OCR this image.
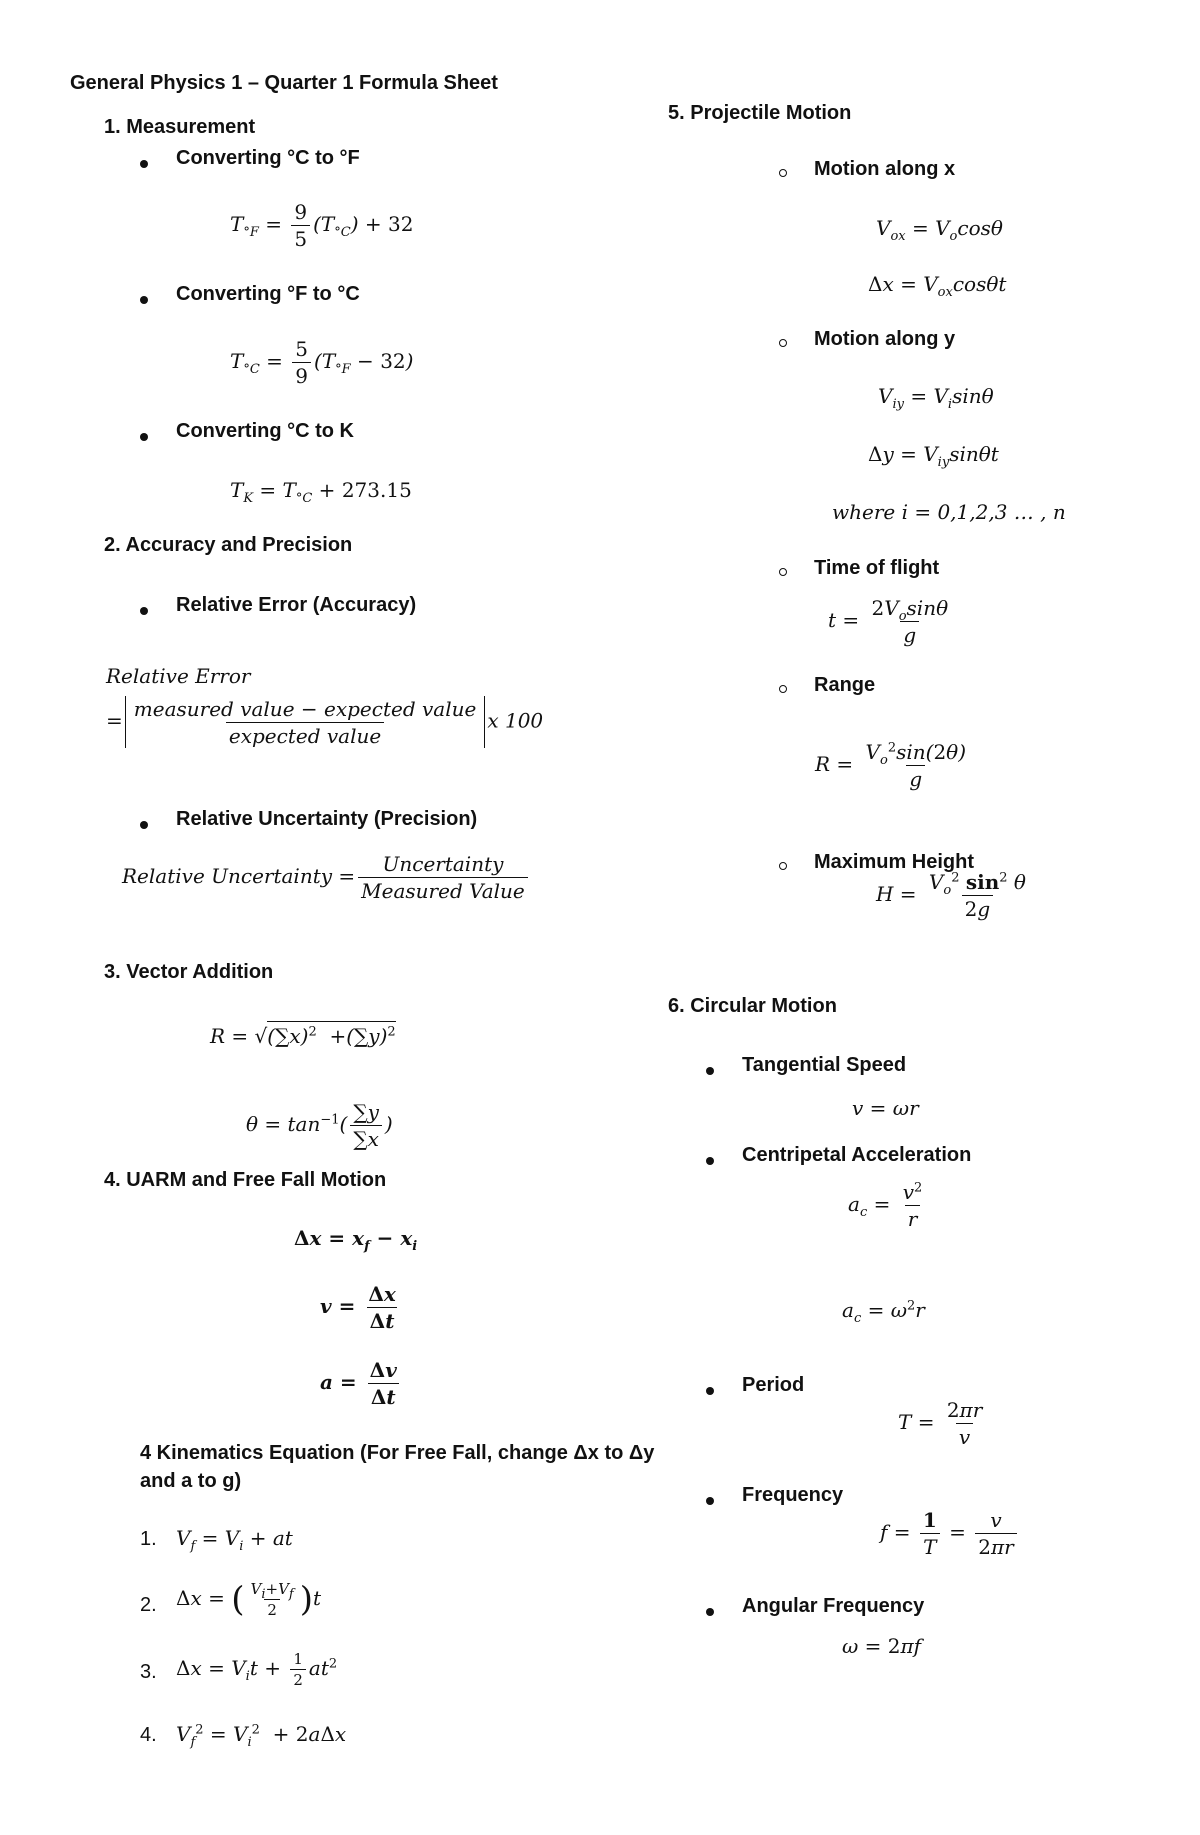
General Physics 1 – Quarter 1 Formula Sheet
1. Measurement
Converting °C to °F
$T_{^\circ F} = \frac{9}{5} (T_{^\circ C}) + 32$
Converting °F to °C
$T_{^\circ C} = \frac{5}{9} (T_{^\circ F} - 32)$
Converting °C to K
$T_K = T_{^\circ C} + 273.15$
2. Accuracy and Precision
Relative Error (Accuracy)
Relative Error
= $\frac{\text{measured value − expected value}}{\text{expected value}}$ x 100
Relative Uncertainty (Precision)
Relative Uncertainty = $\frac{\text{Uncertainty}}{\text{Measured Value}}$
3. Vector Addition
$R = √(\sum x)^2 +(\sum y)^2$
$\theta = \tan^{-1}( \frac{\sum y}{\sum x}$ )
4. UARM and Free Fall Motion
$\Delta x = x_f - x_i$
$v = \frac{\Delta x}{\Delta t}$
$a = \frac{\Delta v}{\Delta t}$
4 Kinematics Equation (For Free Fall, change Δx to Δy
and a to g)
1. $V_f = V_i$ + at
2. Δx = ( $\frac{V_i+V_f}{2} )t$
3. $\Delta x = V_it + \frac{1}{2} at^2$
4. $V_f^2 = V_i^2 + 2a\Delta x$
5. Projectile Motion
Motion along x
$V_{ox} = V_o\cos\theta$
$\Delta x = V_{ox}\cos\theta t$
Motion along y
$V_{iy} = V_i\sin\theta$
$\Delta y = V_{iy}\sin\theta t$
where i = 0,1,2,3 … , n
Time of flight
$t = \frac{2V_o\sin\theta}{g}$
Range
$R = \frac{V_o^2\sin(2\theta)}{g}$
Maximum Height
$H = \frac{V_o^2 \sin^2 \theta}{2g}$
6. Circular Motion
Tangential Speed
v = ωr
Centripetal Acceleration
$a_c = \frac{v^2}{r}$
$a_c = \omega^2r$
Period
$T = \frac{2\pi r}{v}$
Frequency
$f = \frac{1}{T} = \frac{v}{2\pi r}$
Angular Frequency
ω = 2πf
